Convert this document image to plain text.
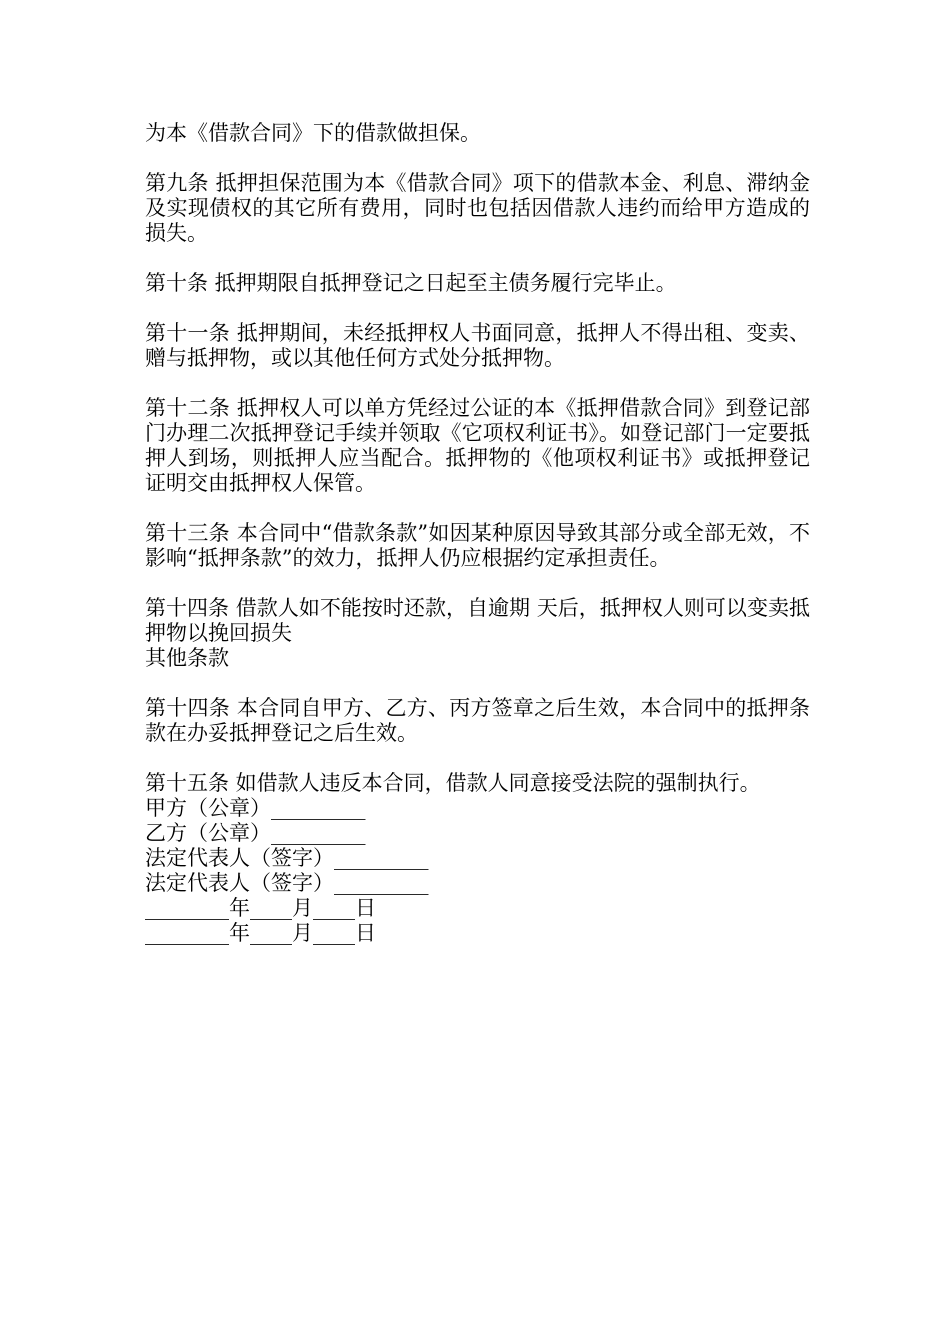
为本《借款合同》下的借款做担保。

第九条 抵押担保范围为本《借款合同》项下的借款本金、利息、滞纳金及实现债权的其它所有费用，同时也包括因借款人违约而给甲方造成的损失。

第十条 抵押期限自抵押登记之日起至主债务履行完毕止。

第十一条 抵押期间，未经抵押权人书面同意，抵押人不得出租、变卖、赠与抵押物，或以其他任何方式处分抵押物。

第十二条 抵押权人可以单方凭经过公证的本《抵押借款合同》到登记部门办理二次抵押登记手续并领取《它项权利证书》。如登记部门一定要抵押人到场，则抵押人应当配合。抵押物的《他项权利证书》或抵押登记证明交由抵押权人保管。

第十三条 本合同中“借款条款”如因某种原因导致其部分或全部无效，不影响“抵押条款”的效力，抵押人仍应根据约定承担责任。

第十四条 借款人如不能按时还款，自逾期 天后，抵押权人则可以变卖抵押物以挽回损失

其他条款

第十四条 本合同自甲方、乙方、丙方签章之后生效，本合同中的抵押条款在办妥抵押登记之后生效。

第十五条 如借款人违反本合同，借款人同意接受法院的强制执行。

甲方（公章）_________

乙方（公章）_________

法定代表人（签字）_________

法定代表人（签字）_________

________年____月____日

________年____月____日
